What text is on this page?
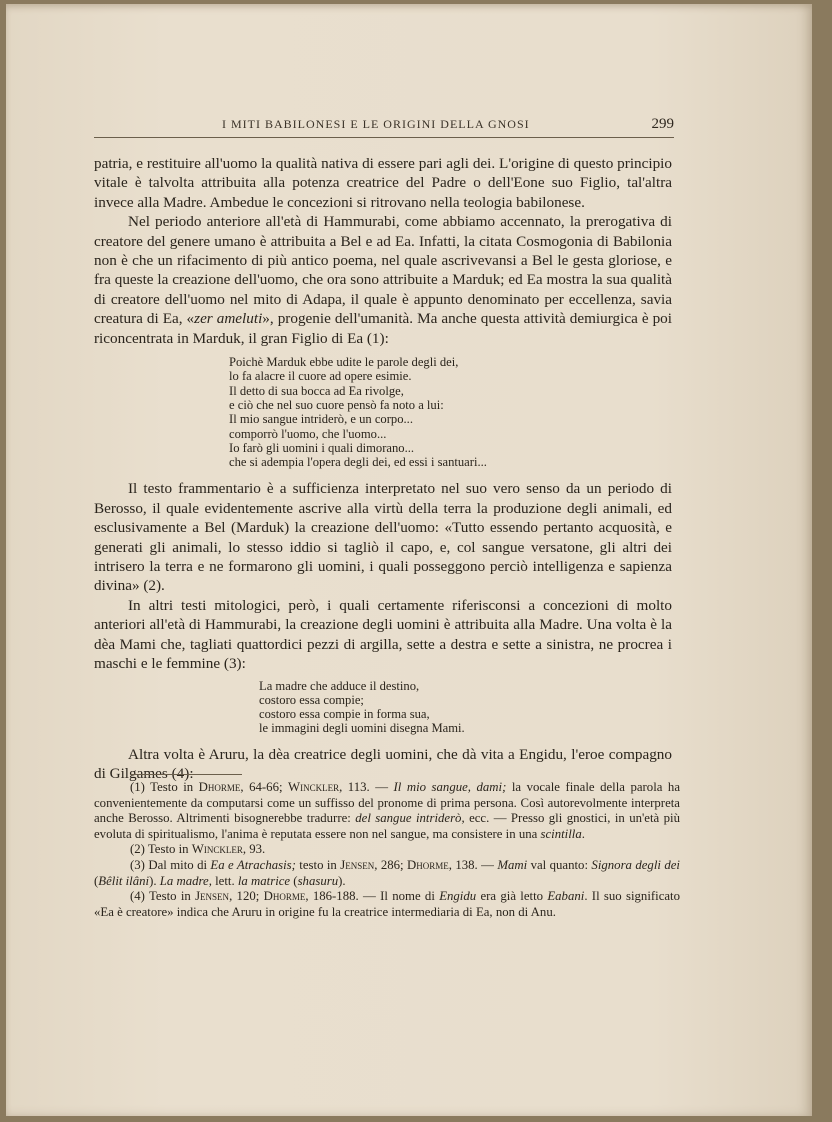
I MITI BABILONESI E LE ORIGINI DELLA GNOSI	299

patria, e restituire all'uomo la qualità nativa di essere pari agli dei. L'origine di questo principio vitale è talvolta attribuita alla potenza creatrice del Padre o dell'Eone suo Figlio, tal'altra invece alla Madre. Ambedue le concezioni si ritrovano nella teologia babilonese.

Nel periodo anteriore all'età di Hammurabi, come abbiamo accennato, la prerogativa di creatore del genere umano è attribuita a Bel e ad Ea. Infatti, la citata Cosmogonia di Babilonia non è che un rifacimento di più antico poema, nel quale ascrivevansi a Bel le gesta gloriose, e fra queste la creazione dell'uomo, che ora sono attribuite a Marduk; ed Ea mostra la sua qualità di creatore dell'uomo nel mito di Adapa, il quale è appunto denominato per eccellenza, savia creatura di Ea, «zer ameluti», progenie dell'umanità. Ma anche questa attività demiurgica è poi riconcentrata in Marduk, il gran Figlio di Ea (1):

Poichè Marduk ebbe udite le parole degli dei,
lo fa alacre il cuore ad opere esimie.
Il detto di sua bocca ad Ea rivolge,
e ciò che nel suo cuore pensò fa noto a lui:
Il mio sangue intriderò, e un corpo...
comporrò l'uomo, che l'uomo...
Io farò gli uomini i quali dimorano...
che si adempia l'opera degli dei, ed essi i santuari...

Il testo frammentario è a sufficienza interpretato nel suo vero senso da un periodo di Berosso, il quale evidentemente ascrive alla virtù della terra la produzione degli animali, ed esclusivamente a Bel (Marduk) la creazione dell'uomo: «Tutto essendo pertanto acquosità, e generati gli animali, lo stesso iddio si tagliò il capo, e, col sangue versatone, gli altri dei intrisero la terra e ne formarono gli uomini, i quali posseggono perciò intelligenza e sapienza divina» (2).

In altri testi mitologici, però, i quali certamente riferisconsi a concezioni di molto anteriori all'età di Hammurabi, la creazione degli uomini è attribuita alla Madre. Una volta è la dèa Mami che, tagliati quattordici pezzi di argilla, sette a destra e sette a sinistra, ne procrea i maschi e le femmine (3):

La madre che adduce il destino,
costoro essa compie;
costoro essa compie in forma sua,
le immagini degli uomini disegna Mami.

Altra volta è Aruru, la dèa creatrice degli uomini, che dà vita a Engidu, l'eroe compagno di Gilgames (4):

(1) Testo in Dhorme, 64-66; Winckler, 113. — Il mio sangue, dami; la vocale finale della parola ha convenientemente da computarsi come un suffisso del pronome di prima persona. Così autorevolmente interpreta anche Berosso. Altrimenti bisognerebbe tradurre: del sangue intriderò, ecc. — Presso gli gnostici, in un'età più evoluta di spiritualismo, l'anima è reputata essere non nel sangue, ma consistere in una scintilla.

(2) Testo in Winckler, 93.

(3) Dal mito di Ea e Atrachasis; testo in Jensen, 286; Dhorme, 138. — Mami val quanto: Signora degli dei (Bêlit ilâni). La madre, lett. la matrice (shasuru).

(4) Testo in Jensen, 120; Dhorme, 186-188. — Il nome di Engidu era già letto Eabani. Il suo significato «Ea è creatore» indica che Aruru in origine fu la creatrice intermediaria di Ea, non di Anu.
